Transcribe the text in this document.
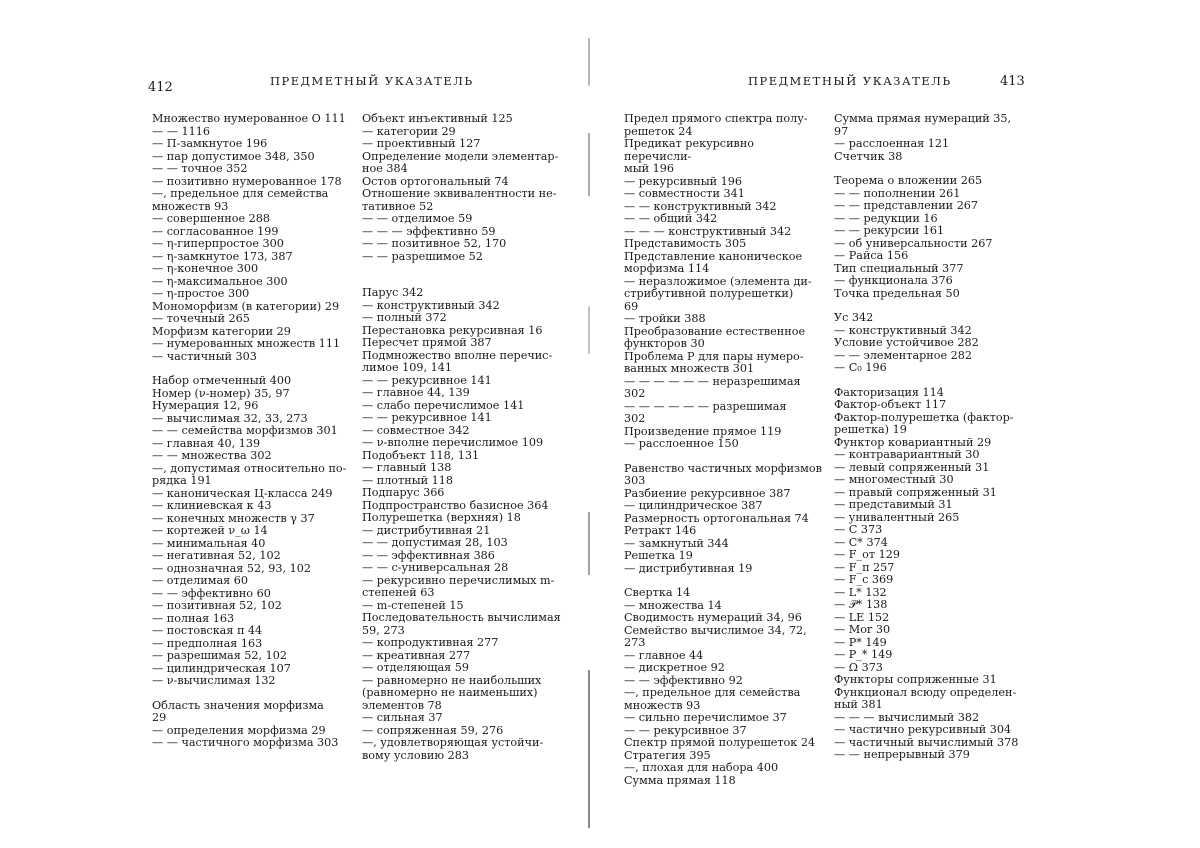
412	ПРЕДМЕТНЫЙ УКАЗАТЕЛЬ
Множество нумерованное О 111
— — 1116
— П-замкнутое 196
— пар допустимое 348, 350
— — точное 352
— позитивно нумерованное 178
—, предельное для семейства
множеств 93
— совершенное 288
— согласованное 199
— η-гиперпростое 300
— η-замкнутое 173, 387
— η-конечное 300
— η-максимальное 300
— η-простое 300
Мономорфизм (в категории) 29
— точечный 265
Морфизм категории 29
— нумерованных множеств 111
— частичный 303
Набор отмеченный 400
Номер (ν-номер) 35, 97
Нумерация 12, 96
— вычислимая 32, 33, 273
— — семейства морфизмов 301
— главная 40, 139
— — множества 302
—, допустимая относительно по-
рядка 191
— каноническая Ц-класса 249
— клиниевская κ 43
— конечных множеств γ 37
— кортежей ν_ω 14
— минимальная 40
— негативная 52, 102
— однозначная 52, 93, 102
— отделимая 60
— — эффективно 60
— позитивная 52, 102
— полная 163
— постовская π 44
— предполная 163
— разрешимая 52, 102
— цилиндрическая 107
— ν-вычислимая 132
Область значения морфизма
29
— определения морфизма 29
— — частичного морфизма 303
Объект инъективный 125
— категории 29
— проективный 127
Определение модели элементар-
ное 384
Остов ортогональный 74
Отношение эквивалентности не-
тативное 52
— — отделимое 59
— — — эффективно 59
— — позитивное 52, 170
— — разрешимое 52
Парус 342
— конструктивный 342
— полный 372
Перестановка рекурсивная 16
Пересчет прямой 387
Подмножество вполне перечис-
лимое 109, 141
— — рекурсивное 141
— главное 44, 139
— слабо перечислимое 141
— — рекурсивное 141
— совместное 342
— ν-вполне перечислимое 109
Подобъект 118, 131
— главный 138
— плотный 118
Подпарус 366
Подпространство базисное 364
Полурешетка (верхняя) 18
— дистрибутивная 21
— — допустимая 28, 103
— — эффективная 386
— — c-универсальная 28
— рекурсивно перечислимых m-
степеней 63
— m-степеней 15
Последовательность вычислимая
59, 273
— копродуктивная 277
— креативная 277
— отделяющая 59
— равномерно не наибольших
(равномерно не наименьших)
элементов 78
— сильная 37
— сопряженная 59, 276
—, удовлетворяющая устойчи-
вому условию 283
ПРЕДМЕТНЫЙ УКАЗАТЕЛЬ	413
Предел прямого спектра полу-
решеток 24
Предикат рекурсивно перечисли-
мый 196
— рекурсивный 196
— совместности 341
— — конструктивный 342
— — общий 342
— — — конструктивный 342
Представимость 305
Представление каноническое
морфизма 114
— неразложимое (элемента ди-
стрибутивной полурешетки)
69
— тройки 388
Преобразование естественное
функторов 30
Проблема P для пары нумеро-
ванных множеств 301
— — — — — — неразрешимая
302
— — — — — — разрешимая
302
Произведение прямое 119
— расслоенное 150
Равенство частичных морфизмов
303
Разбиение рекурсивное 387
— цилиндрическое 387
Размерность ортогональная 74
Ретракт 146
— замкнутый 344
Решетка 19
— дистрибутивная 19
Свертка 14
— множества 14
Сводимость нумераций 34, 96
Семейство вычислимое 34, 72, 273
— главное 44
— дискретное 92
— — эффективно 92
—, предельное для семейства
множеств 93
— сильно перечислимое 37
— — рекурсивное 37
Спектр прямой полурешеток 24
Стратегия 395
—, плохая для набора 400
Сумма прямая 118
Сумма прямая нумераций 35,
97
— расслоенная 121
Счетчик 38
Теорема о вложении 265
— — пополнении 261
— — представлении 267
— — редукции 16
— — рекурсии 161
— об универсальности 267
— Райса 156
Тип специальный 377
— функционала 376
Точка предельная 50
Ус 342
— конструктивный 342
Условие устойчивое 282
— — элементарное 282
— C₀ 196
Факторизация 114
Фактор-объект 117
Фактор-полурешетка (фактор-
решетка) 19
Функтор ковариантный 29
— контравариантный 30
— левый сопряженный 31
— многоместный 30
— правый сопряженный 31
— представимый 31
— унивалентный 265
— C 373
— C* 374
— F_от 129
— F_π 257
— F_c 369
— L* 132
— 𝒫* 138
— LE 152
— Mor 30
— P* 149
— P_* 149
— Ω 373
Функторы сопряженные 31
Функционал всюду определен-
ный 381
— — — вычислимый 382
— частично рекурсивный 304
— частичный вычислимый 378
— — непрерывный 379
